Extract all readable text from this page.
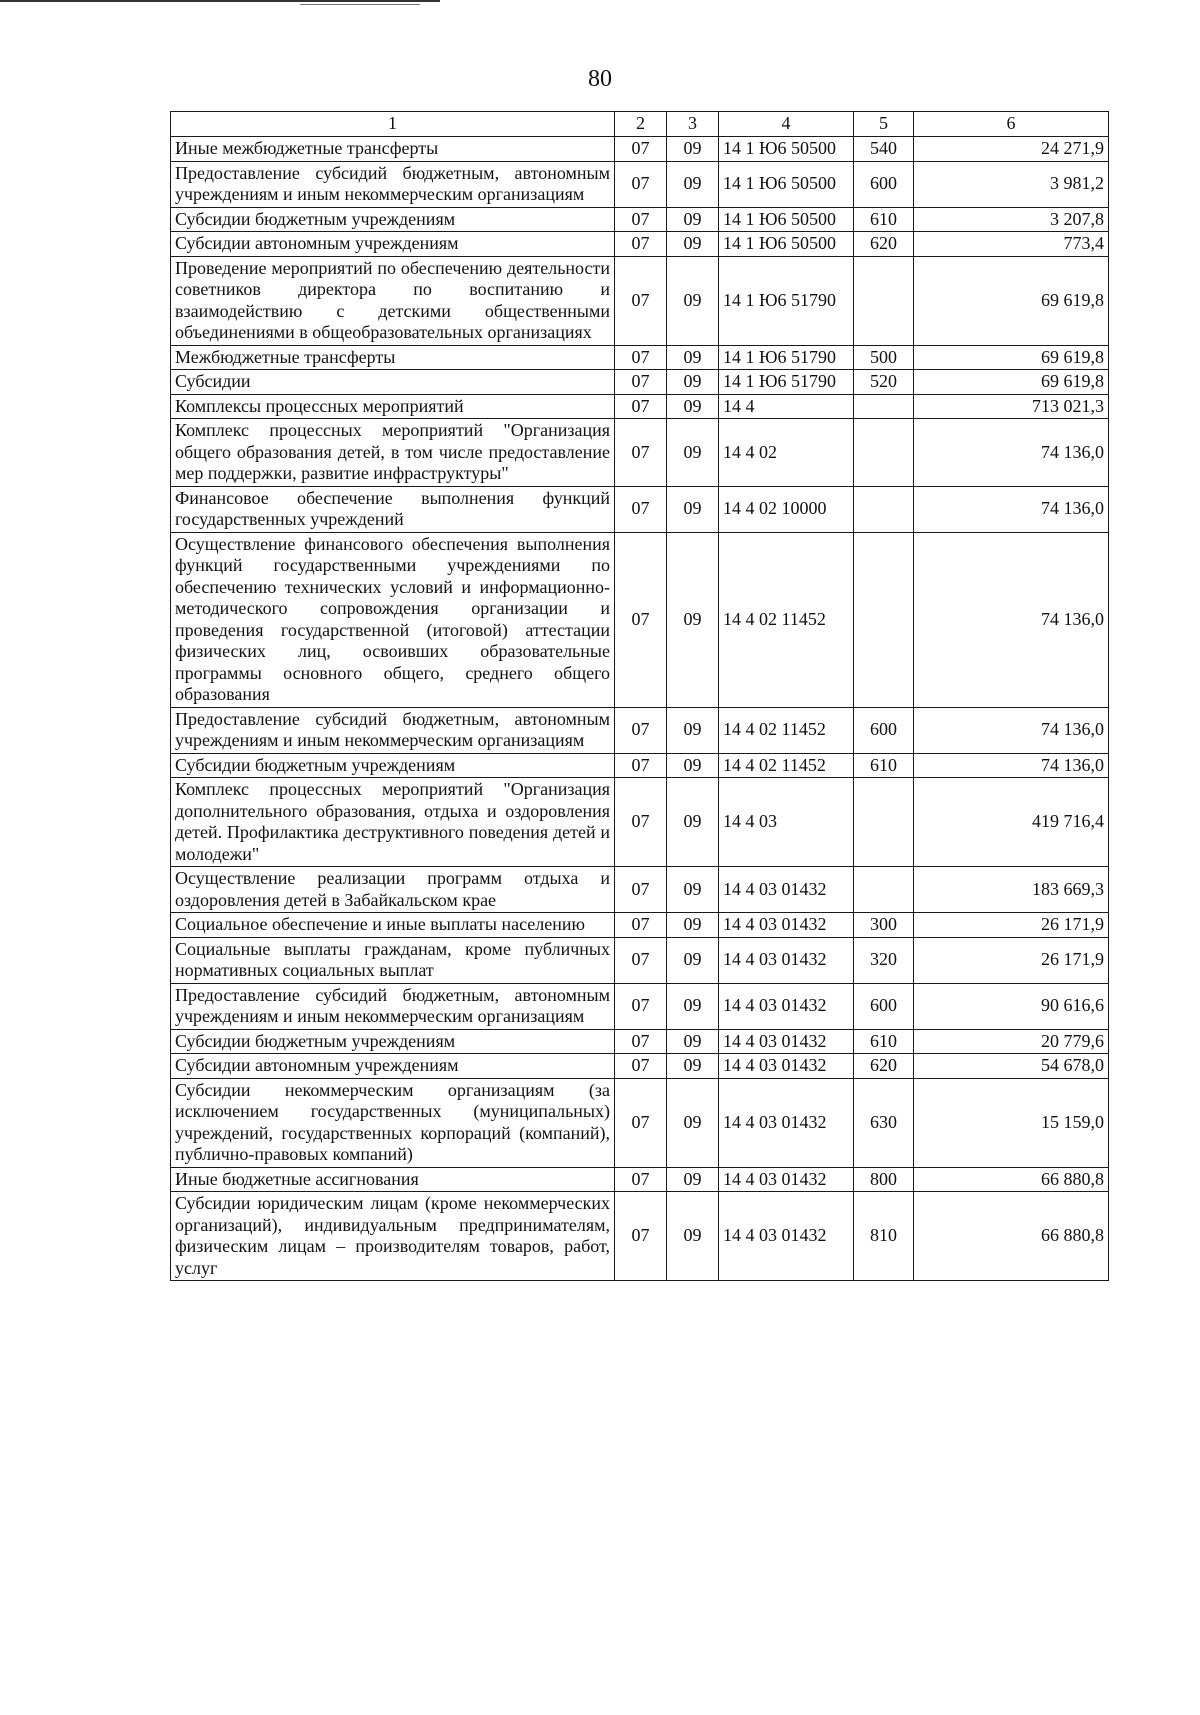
80
1	2	3	4	5	6
Иные межбюджетные трансферты	07	09	14 1 Ю6 50500	540	24 271,9
Предоставление субсидий бюджетным, автономным учреждениям и иным некоммерческим организациям	07	09	14 1 Ю6 50500	600	3 981,2
Субсидии бюджетным учреждениям	07	09	14 1 Ю6 50500	610	3 207,8
Субсидии автономным учреждениям	07	09	14 1 Ю6 50500	620	773,4
Проведение мероприятий по обеспечению деятельности советников директора по воспитанию и взаимодействию с детскими общественными объединениями в общеобразовательных организациях	07	09	14 1 Ю6 51790		69 619,8
Межбюджетные трансферты	07	09	14 1 Ю6 51790	500	69 619,8
Субсидии	07	09	14 1 Ю6 51790	520	69 619,8
Комплексы процессных мероприятий	07	09	14 4		713 021,3
Комплекс процессных мероприятий "Организация общего образования детей, в том числе предоставление мер поддержки, развитие инфраструктуры"	07	09	14 4 02		74 136,0
Финансовое обеспечение выполнения функций государственных учреждений	07	09	14 4 02 10000		74 136,0
Осуществление финансового обеспечения выполнения функций государственными учреждениями по обеспечению технических условий и информационно-методического сопровождения организации и проведения государственной (итоговой) аттестации физических лиц, освоивших образовательные программы основного общего, среднего общего образования	07	09	14 4 02 11452		74 136,0
Предоставление субсидий бюджетным, автономным учреждениям и иным некоммерческим организациям	07	09	14 4 02 11452	600	74 136,0
Субсидии бюджетным учреждениям	07	09	14 4 02 11452	610	74 136,0
Комплекс процессных мероприятий "Организация дополнительного образования, отдыха и оздоровления детей. Профилактика деструктивного поведения детей и молодежи"	07	09	14 4 03		419 716,4
Осуществление реализации программ отдыха и оздоровления детей в Забайкальском крае	07	09	14 4 03 01432		183 669,3
Социальное обеспечение и иные выплаты населению	07	09	14 4 03 01432	300	26 171,9
Социальные выплаты гражданам, кроме публичных нормативных социальных выплат	07	09	14 4 03 01432	320	26 171,9
Предоставление субсидий бюджетным, автономным учреждениям и иным некоммерческим организациям	07	09	14 4 03 01432	600	90 616,6
Субсидии бюджетным учреждениям	07	09	14 4 03 01432	610	20 779,6
Субсидии автономным учреждениям	07	09	14 4 03 01432	620	54 678,0
Субсидии некоммерческим организациям (за исключением государственных (муниципальных) учреждений, государственных корпораций (компаний), публично-правовых компаний)	07	09	14 4 03 01432	630	15 159,0
Иные бюджетные ассигнования	07	09	14 4 03 01432	800	66 880,8
Субсидии юридическим лицам (кроме некоммерческих организаций), индивидуальным предпринимателям, физическим лицам – производителям товаров, работ, услуг	07	09	14 4 03 01432	810	66 880,8
